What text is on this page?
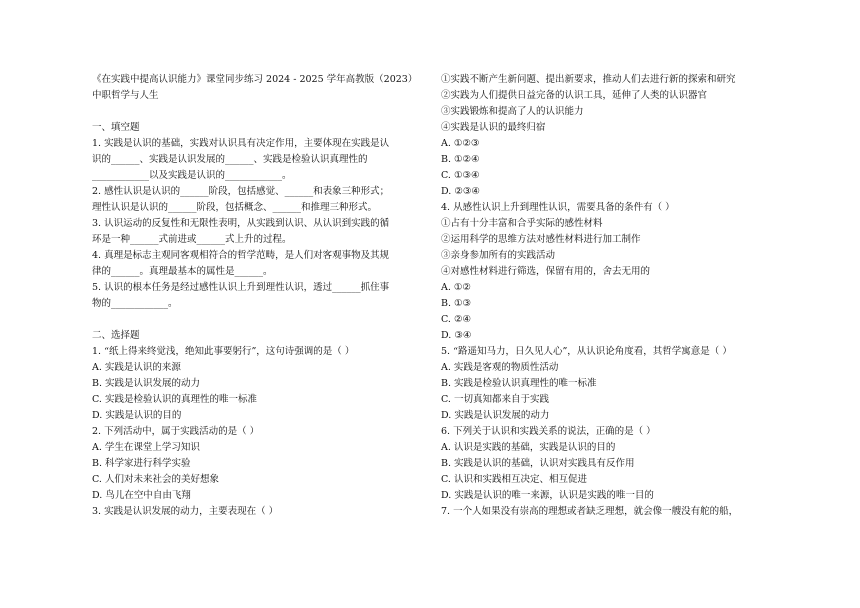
《在实践中提高认识能力》课堂同步练习 2024 - 2025 学年高教版（2023）
中职哲学与人生
一、填空题
1. 实践是认识的基础，实践对认识具有决定作用，主要体现在实践是认
识的______、实践是认识发展的______、实践是检验认识真理性的
____________以及实践是认识的____________。
2. 感性认识是认识的______阶段，包括感觉、______和表象三种形式；
理性认识是认识的______阶段，包括概念、______和推理三种形式。
3. 认识运动的反复性和无限性表明，从实践到认识、从认识到实践的循
环是一种______式前进或______式上升的过程。
4. 真理是标志主观同客观相符合的哲学范畴，是人们对客观事物及其规
律的______。真理最基本的属性是______。
5. 认识的根本任务是经过感性认识上升到理性认识，透过______抓住事
物的____________。
二、选择题
1. “纸上得来终觉浅，绝知此事要躬行”，这句诗强调的是（ ）
A. 实践是认识的来源
B. 实践是认识发展的动力
C. 实践是检验认识的真理性的唯一标准
D. 实践是认识的目的
2. 下列活动中，属于实践活动的是（ ）
A. 学生在课堂上学习知识
B. 科学家进行科学实验
C. 人们对未来社会的美好想象
D. 鸟儿在空中自由飞翔
3. 实践是认识发展的动力，主要表现在（ ）
①实践不断产生新问题、提出新要求，推动人们去进行新的探索和研究
②实践为人们提供日益完备的认识工具，延伸了人类的认识器官
③实践锻炼和提高了人的认识能力
④实践是认识的最终归宿
A. ①②③
B. ①②④
C. ①③④
D. ②③④
4. 从感性认识上升到理性认识，需要具备的条件有（ ）
①占有十分丰富和合乎实际的感性材料
②运用科学的思维方法对感性材料进行加工制作
③亲身参加所有的实践活动
④对感性材料进行筛选，保留有用的，舍去无用的
A. ①②
B. ①③
C. ②④
D. ③④
5. “路遥知马力，日久见人心”，从认识论角度看，其哲学寓意是（ ）
A. 实践是客观的物质性活动
B. 实践是检验认识真理性的唯一标准
C. 一切真知都来自于实践
D. 实践是认识发展的动力
6. 下列关于认识和实践关系的说法，正确的是（ ）
A. 认识是实践的基础，实践是认识的目的
B. 实践是认识的基础，认识对实践具有反作用
C. 认识和实践相互决定、相互促进
D. 实践是认识的唯一来源，认识是实践的唯一目的
7. 一个人如果没有崇高的理想或者缺乏理想，就会像一艘没有舵的船，
